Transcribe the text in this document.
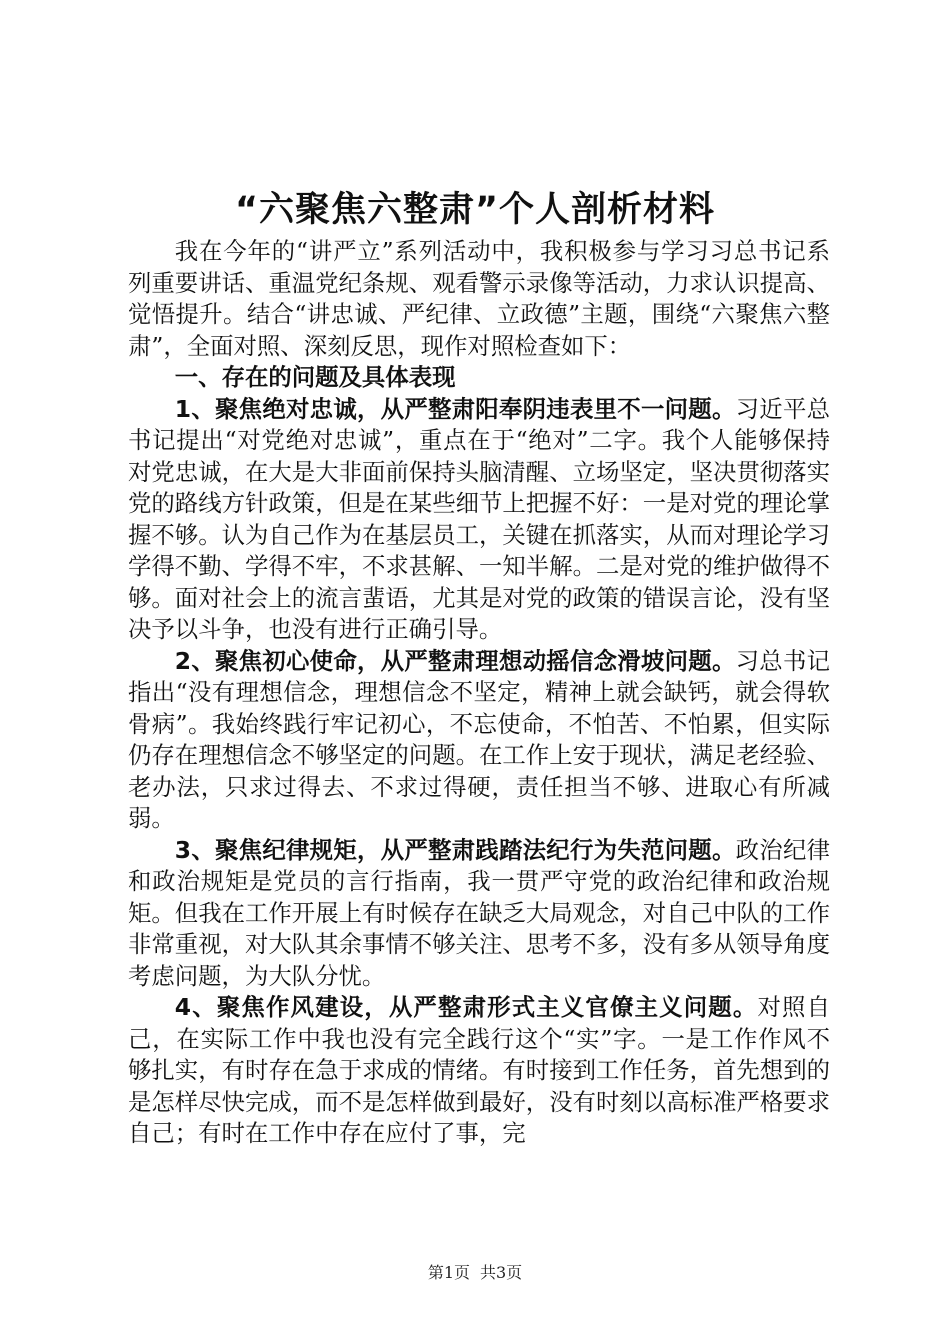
“六聚焦六整肃”个人剖析材料

我在今年的“讲严立”系列活动中，我积极参与学习习总书记系列重要讲话、重温党纪条规、观看警示录像等活动，力求认识提高、觉悟提升。结合“讲忠诚、严纪律、立政德”主题，围绕“六聚焦六整肃”，全面对照、深刻反思，现作对照检查如下：

一、存在的问题及具体表现

1、聚焦绝对忠诚，从严整肃阳奉阴违表里不一问题。习近平总书记提出“对党绝对忠诚”，重点在于“绝对”二字。我个人能够保持对党忠诚，在大是大非面前保持头脑清醒、立场坚定，坚决贯彻落实党的路线方针政策，但是在某些细节上把握不好：一是对党的理论掌握不够。认为自己作为在基层员工，关键在抓落实，从而对理论学习学得不勤、学得不牢，不求甚解、一知半解。二是对党的维护做得不够。面对社会上的流言蜚语，尤其是对党的政策的错误言论，没有坚决予以斗争，也没有进行正确引导。

2、聚焦初心使命，从严整肃理想动摇信念滑坡问题。习总书记指出“没有理想信念，理想信念不坚定，精神上就会缺钙，就会得软骨病”。我始终践行牢记初心，不忘使命，不怕苦、不怕累，但实际仍存在理想信念不够坚定的问题。在工作上安于现状，满足老经验、老办法，只求过得去、不求过得硬，责任担当不够、进取心有所减弱。

3、聚焦纪律规矩，从严整肃践踏法纪行为失范问题。政治纪律和政治规矩是党员的言行指南，我一贯严守党的政治纪律和政治规矩。但我在工作开展上有时候存在缺乏大局观念，对自己中队的工作非常重视，对大队其余事情不够关注、思考不多，没有多从领导角度考虑问题，为大队分忧。

4、聚焦作风建设，从严整肃形式主义官僚主义问题。对照自己，在实际工作中我也没有完全践行这个“实”字。一是工作作风不够扎实，有时存在急于求成的情绪。有时接到工作任务，首先想到的是怎样尽快完成，而不是怎样做到最好，没有时刻以高标准严格要求自己；有时在工作中存在应付了事，完

第1页 共3页
